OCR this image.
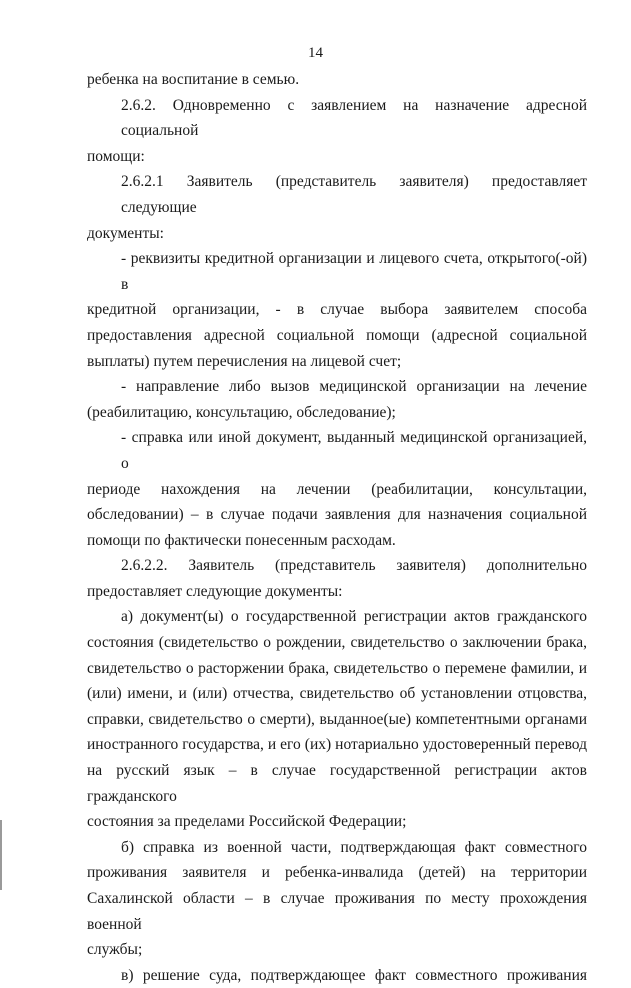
14

ребенка на воспитание в семью.

2.6.2. Одновременно с заявлением на назначение адресной социальной
помощи:

2.6.2.1 Заявитель (представитель заявителя) предоставляет следующие
документы:

- реквизиты кредитной организации и лицевого счета, открытого(-ой) в
кредитной организации, - в случае выбора заявителем способа
предоставления адресной социальной помощи (адресной социальной
выплаты) путем перечисления на лицевой счет;

- направление либо вызов медицинской организации на лечение
(реабилитацию, консультацию, обследование);

- справка или иной документ, выданный медицинской организацией, о
периоде нахождения на лечении (реабилитации, консультации,
обследовании) – в случае подачи заявления для назначения социальной
помощи по фактически понесенным расходам.

2.6.2.2. Заявитель (представитель заявителя) дополнительно
предоставляет следующие документы:

а) документ(ы) о государственной регистрации актов гражданского
состояния (свидетельство о рождении, свидетельство о заключении брака,
свидетельство о расторжении брака, свидетельство о перемене фамилии, и
(или) имени, и (или) отчества, свидетельство об установлении отцовства,
справки, свидетельство о смерти), выданное(ые) компетентными органами
иностранного государства, и его (их) нотариально удостоверенный перевод
на русский язык – в случае государственной регистрации актов гражданского
состояния за пределами Российской Федерации;

б) справка из военной части, подтверждающая факт совместного
проживания заявителя и ребенка-инвалида (детей) на территории
Сахалинской области – в случае проживания по месту прохождения военной
службы;

в) решение суда, подтверждающее факт совместного проживания
